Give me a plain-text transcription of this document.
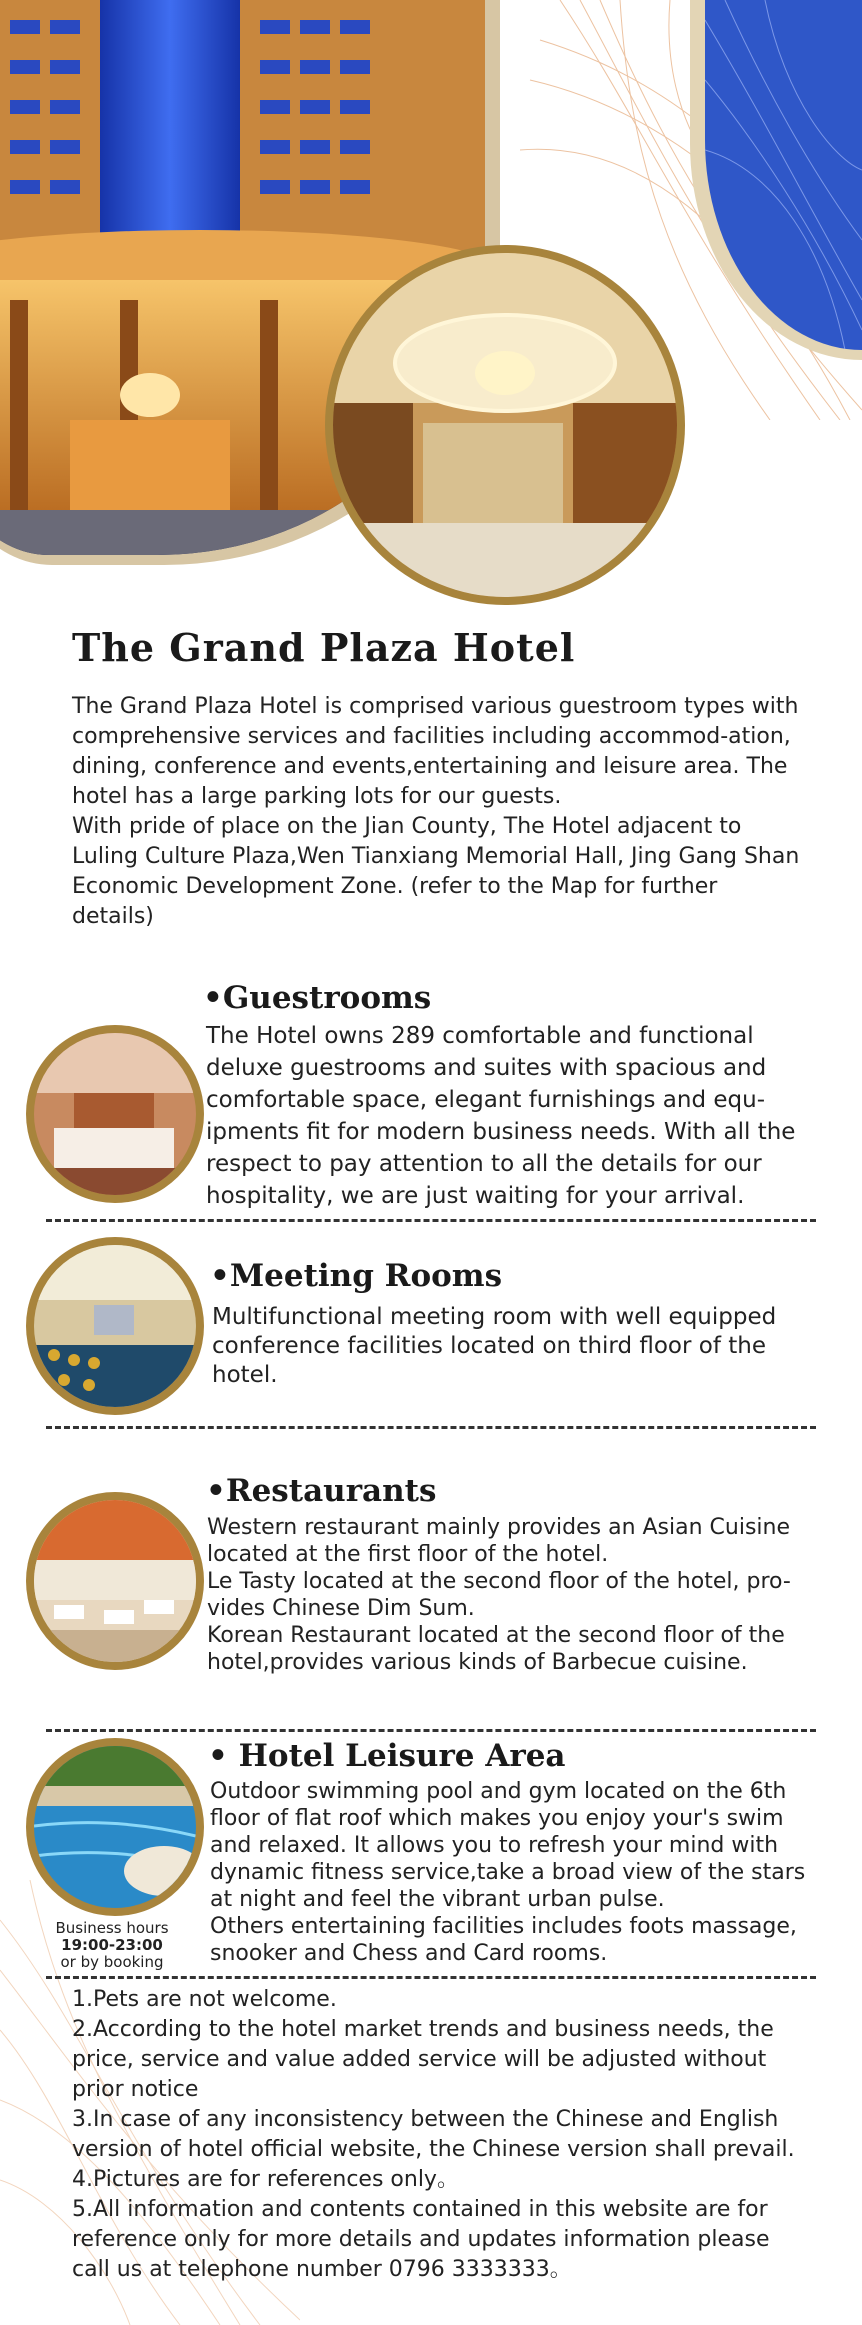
The Grand Plaza Hotel

The Grand Plaza Hotel is comprised various guestroom types with comprehensive services and facilities including accommod-ation, dining, conference and events,entertaining and leisure area. The hotel has a large parking lots for our guests.

With pride of place on the Jian County, The Hotel adjacent to Luling Culture Plaza,Wen Tianxiang Memorial Hall, Jing Gang Shan Economic Development Zone. (refer to the Map for further details)

•Guestrooms

The Hotel owns 289 comfortable and functional deluxe guestrooms and suites with spacious and comfortable space, elegant furnishings and equ-ipments fit for modern business needs. With all the respect to pay attention to all the details for our hospitality, we are just waiting for your arrival.

•Meeting Rooms

Multifunctional meeting room with well equipped conference facilities located on third floor of the hotel.

•Restaurants

Western restaurant mainly provides an Asian Cuisine located at the first floor of the hotel.

Le Tasty located at the second floor of the hotel, pro-vides Chinese Dim Sum.

Korean Restaurant located at the second floor of the hotel,provides various kinds of Barbecue cuisine.

• Hotel Leisure Area

Outdoor swimming pool and gym located on the 6th floor of flat roof which makes you enjoy your's swim and relaxed. It allows you to refresh your mind with dynamic fitness service,take a broad view of the stars at night and feel the vibrant urban pulse.

Others entertaining facilities includes foots massage, snooker and Chess and Card rooms.

Business hours
19:00-23:00
or by booking

1.Pets are not welcome.

2.According to the hotel market trends and business needs, the price, service and value added service will be adjusted without prior notice

3.In case of any inconsistency between the Chinese and English version of hotel official website, the Chinese version shall prevail.

4.Pictures are for references only。

5.All information and contents contained in this website are for reference only for more details and updates information please call us at telephone number 0796 3333333。
